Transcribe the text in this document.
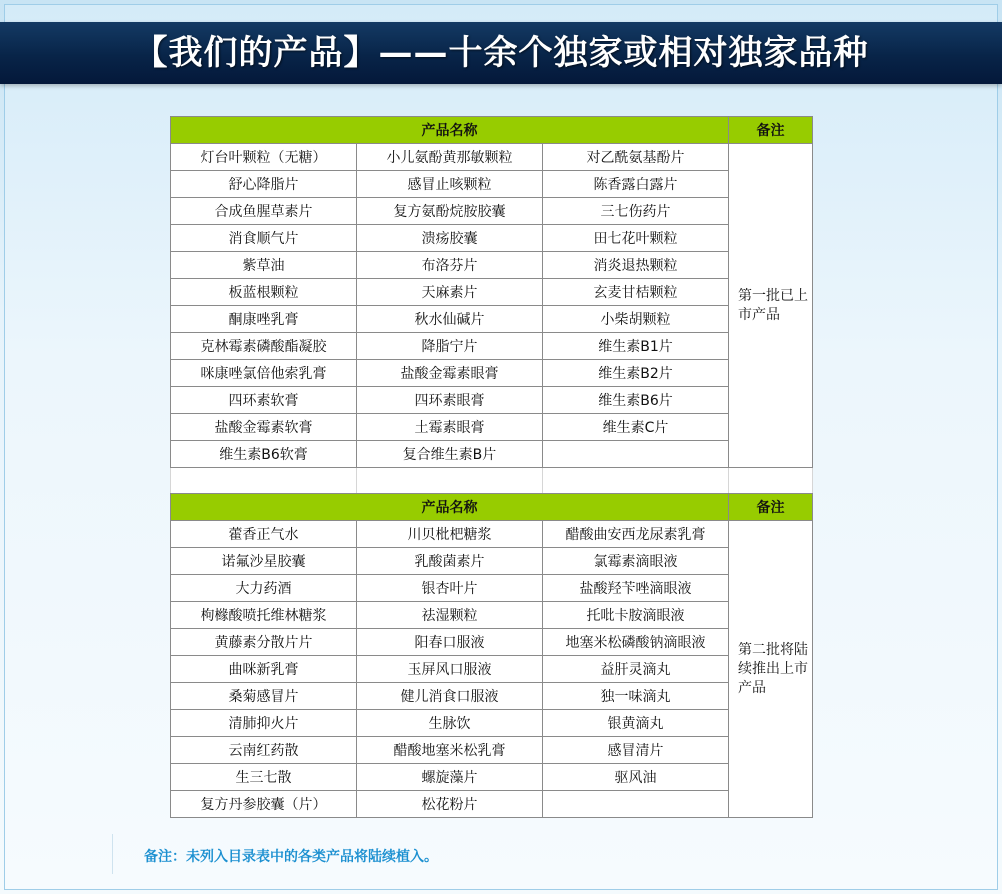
【我们的产品】——十余个独家或相对独家品种
产品名称			备注
灯台叶颗粒（无糖）	小儿氨酚黄那敏颗粒	对乙酰氨基酚片	第一批已上市产品
舒心降脂片	感冒止咳颗粒	陈香露白露片	
合成鱼腥草素片	复方氨酚烷胺胶囊	三七伤药片	
消食顺气片	溃疡胶囊	田七花叶颗粒	
紫草油	布洛芬片	消炎退热颗粒	
板蓝根颗粒	天麻素片	玄麦甘桔颗粒	
酮康唑乳膏	秋水仙碱片	小柴胡颗粒	
克林霉素磷酸酯凝胶	降脂宁片	维生素B1片	
咪康唑氯倍他索乳膏	盐酸金霉素眼膏	维生素B2片	
四环素软膏	四环素眼膏	维生素B6片	
盐酸金霉素软膏	土霉素眼膏	维生素C片	
维生素B6软膏	复合维生素B片		

产品名称			备注
藿香正气水	川贝枇杷糖浆	醋酸曲安西龙尿素乳膏	第二批将陆续推出上市产品
诺氟沙星胶囊	乳酸菌素片	氯霉素滴眼液	
大力药酒	银杏叶片	盐酸羟苄唑滴眼液	
枸橼酸喷托维林糖浆	祛湿颗粒	托吡卡胺滴眼液	
黄藤素分散片片	阳春口服液	地塞米松磷酸钠滴眼液	
曲咪新乳膏	玉屏风口服液	益肝灵滴丸	
桑菊感冒片	健儿消食口服液	独一味滴丸	
清肺抑火片	生脉饮	银黄滴丸	
云南红药散	醋酸地塞米松乳膏	感冒清片	
生三七散	螺旋藻片	驱风油	
复方丹参胶囊（片）	松花粉片		
备注：未列入目录表中的各类产品将陆续植入。
